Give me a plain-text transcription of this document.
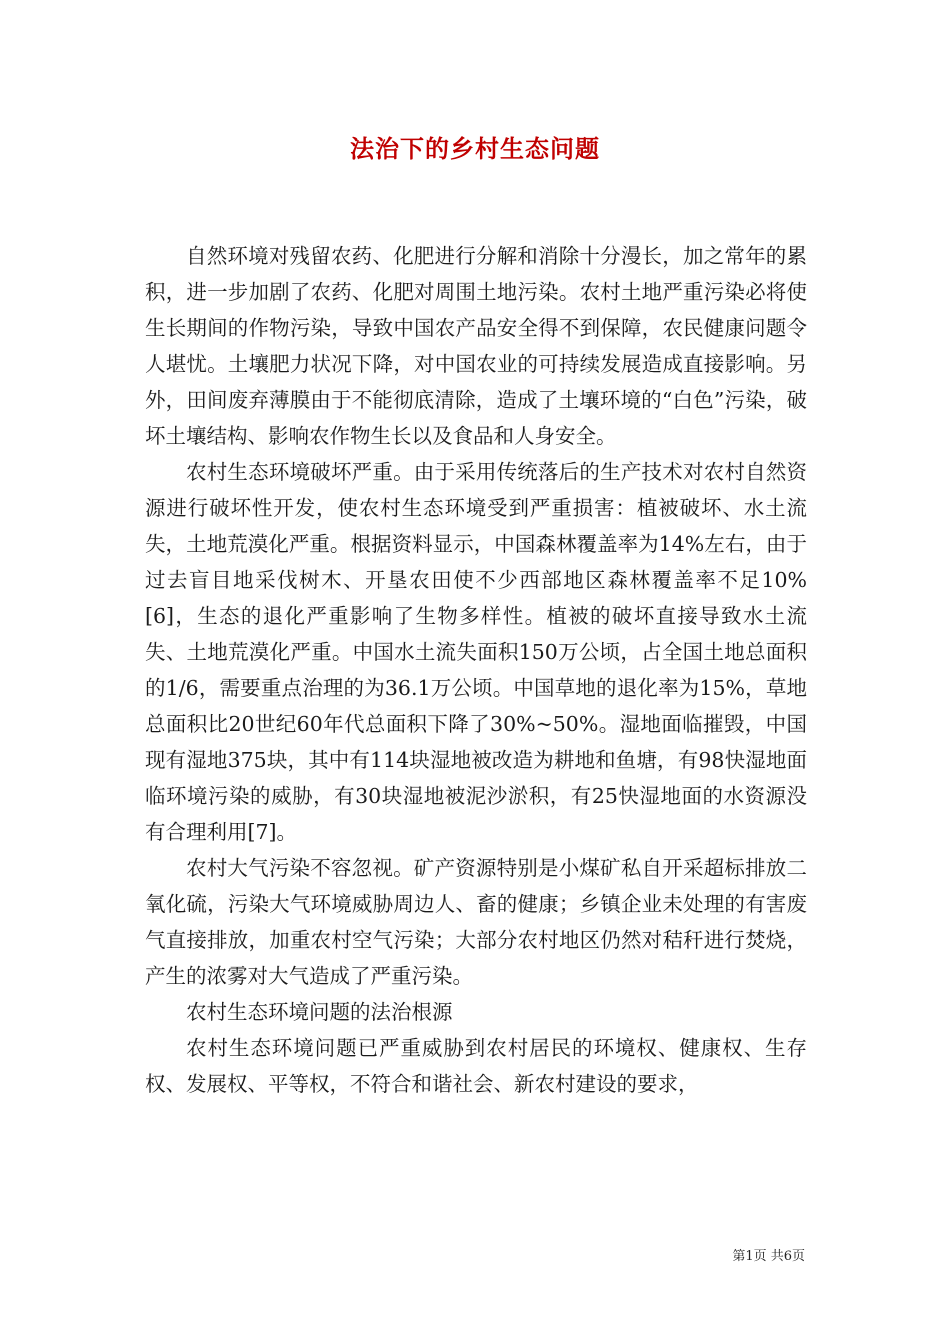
法治下的乡村生态问题

自然环境对残留农药、化肥进行分解和消除十分漫长，加之常年的累积，进一步加剧了农药、化肥对周围土地污染。农村土地严重污染必将使生长期间的作物污染，导致中国农产品安全得不到保障，农民健康问题令人堪忧。土壤肥力状况下降，对中国农业的可持续发展造成直接影响。另外，田间废弃薄膜由于不能彻底清除，造成了土壤环境的“白色”污染，破坏土壤结构、影响农作物生长以及食品和人身安全。

农村生态环境破坏严重。由于采用传统落后的生产技术对农村自然资源进行破坏性开发，使农村生态环境受到严重损害：植被破坏、水土流失，土地荒漠化严重。根据资料显示，中国森林覆盖率为14%左右，由于过去盲目地采伐树木、开垦农田使不少西部地区森林覆盖率不足10%[6]，生态的退化严重影响了生物多样性。植被的破坏直接导致水土流失、土地荒漠化严重。中国水土流失面积150万公顷，占全国土地总面积的1/6，需要重点治理的为36.1万公顷。中国草地的退化率为15%，草地总面积比20世纪60年代总面积下降了30%~50%。湿地面临摧毁，中国现有湿地375块，其中有114块湿地被改造为耕地和鱼塘，有98快湿地面临环境污染的威胁，有30块湿地被泥沙淤积，有25快湿地面的水资源没有合理利用[7]。

农村大气污染不容忽视。矿产资源特别是小煤矿私自开采超标排放二氧化硫，污染大气环境威胁周边人、畜的健康；乡镇企业未处理的有害废气直接排放，加重农村空气污染；大部分农村地区仍然对秸秆进行焚烧，产生的浓雾对大气造成了严重污染。

农村生态环境问题的法治根源

农村生态环境问题已严重威胁到农村居民的环境权、健康权、生存权、发展权、平等权，不符合和谐社会、新农村建设的要求，

第1页 共6页
